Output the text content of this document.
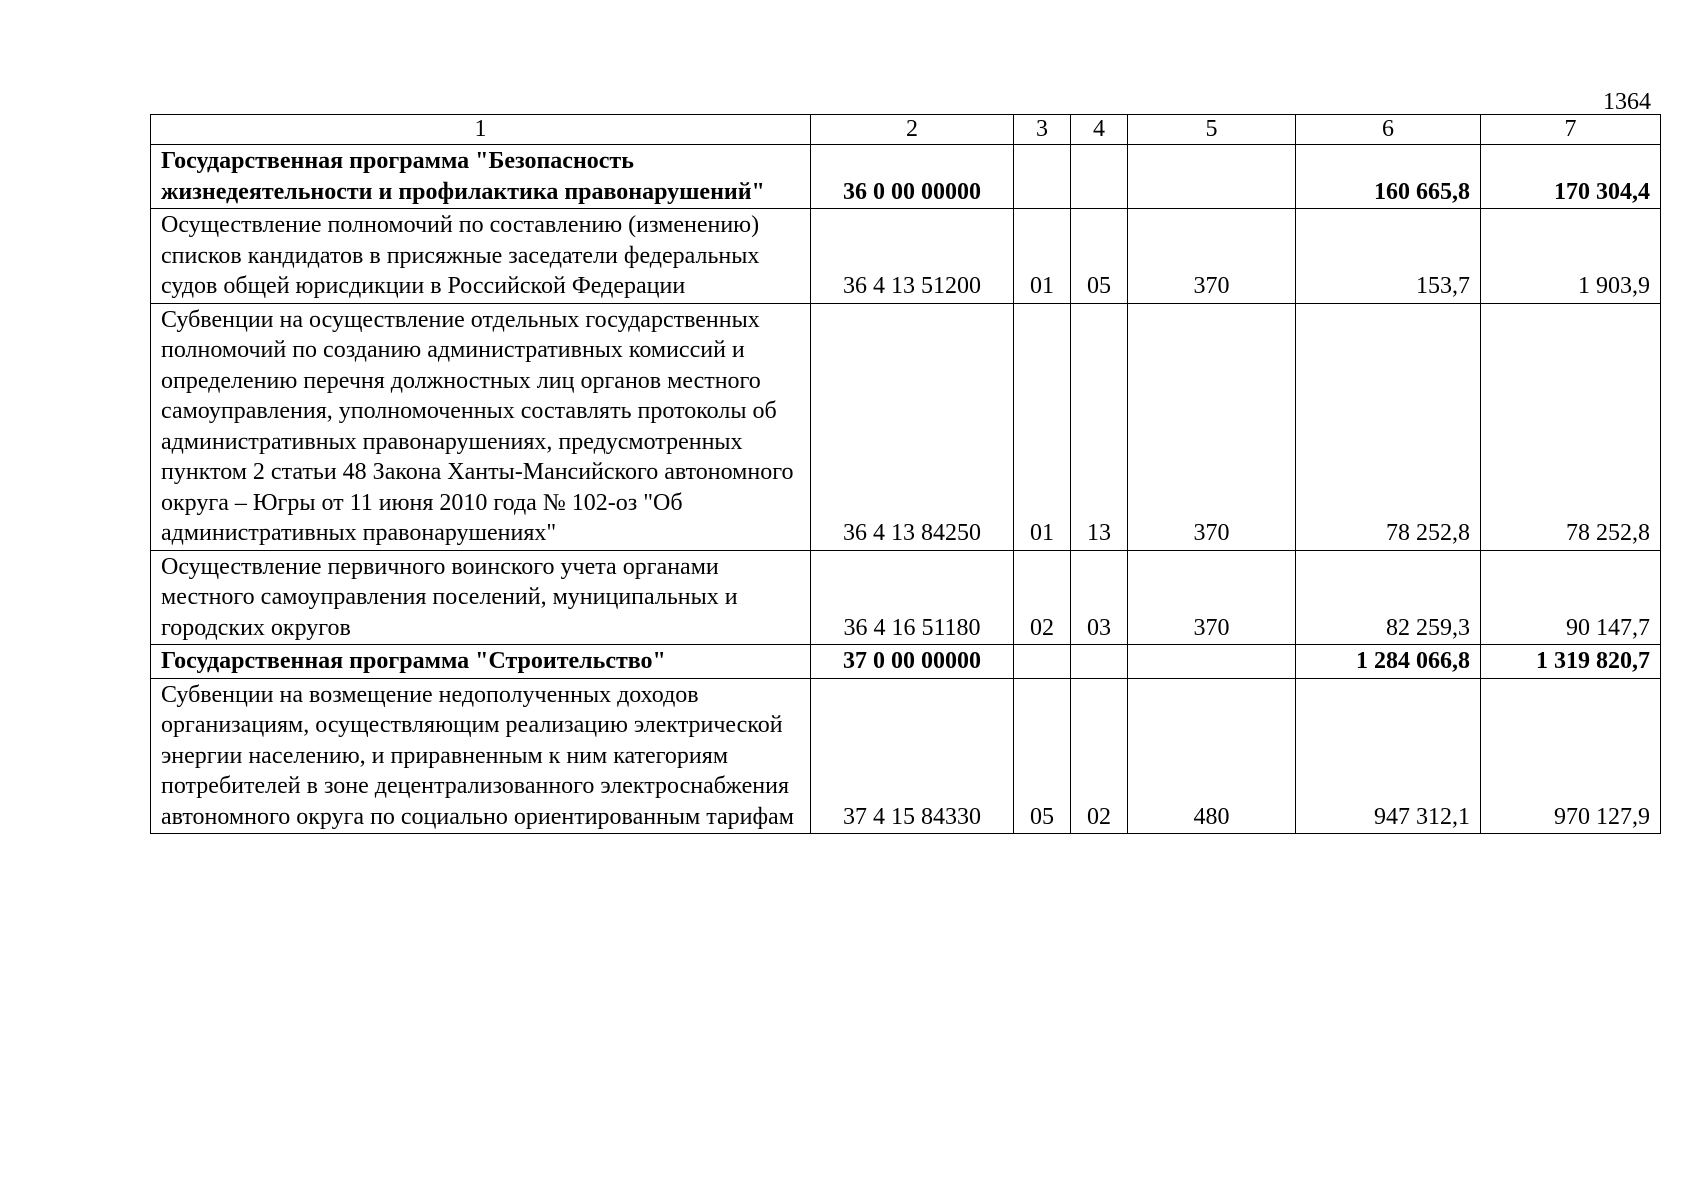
1364
1	2	3	4	5	6	7
Государственная программа "Безопасность жизнедеятельности и профилактика правонарушений"	36 0 00 00000				160 665,8	170 304,4
Осуществление полномочий по составлению (изменению) списков кандидатов в присяжные заседатели федеральных судов общей юрисдикции в Российской Федерации	36 4 13 51200	01	05	370	153,7	1 903,9
Субвенции на осуществление отдельных государственных полномочий по созданию административных комиссий и определению перечня должностных лиц органов местного самоуправления, уполномоченных составлять протоколы об административных правонарушениях, предусмотренных пунктом 2 статьи 48 Закона Ханты-Мансийского автономного округа – Югры от 11 июня 2010 года № 102-оз "Об административных правонарушениях"	36 4 13 84250	01	13	370	78 252,8	78 252,8
Осуществление первичного воинского учета органами местного самоуправления поселений, муниципальных и городских округов	36 4 16 51180	02	03	370	82 259,3	90 147,7
Государственная программа "Строительство"	37 0 00 00000				1 284 066,8	1 319 820,7
Субвенции на возмещение недополученных доходов организациям, осуществляющим реализацию электрической энергии населению, и приравненным к ним категориям потребителей в зоне децентрализованного электроснабжения автономного округа по социально ориентированным тарифам	37 4 15 84330	05	02	480	947 312,1	970 127,9
